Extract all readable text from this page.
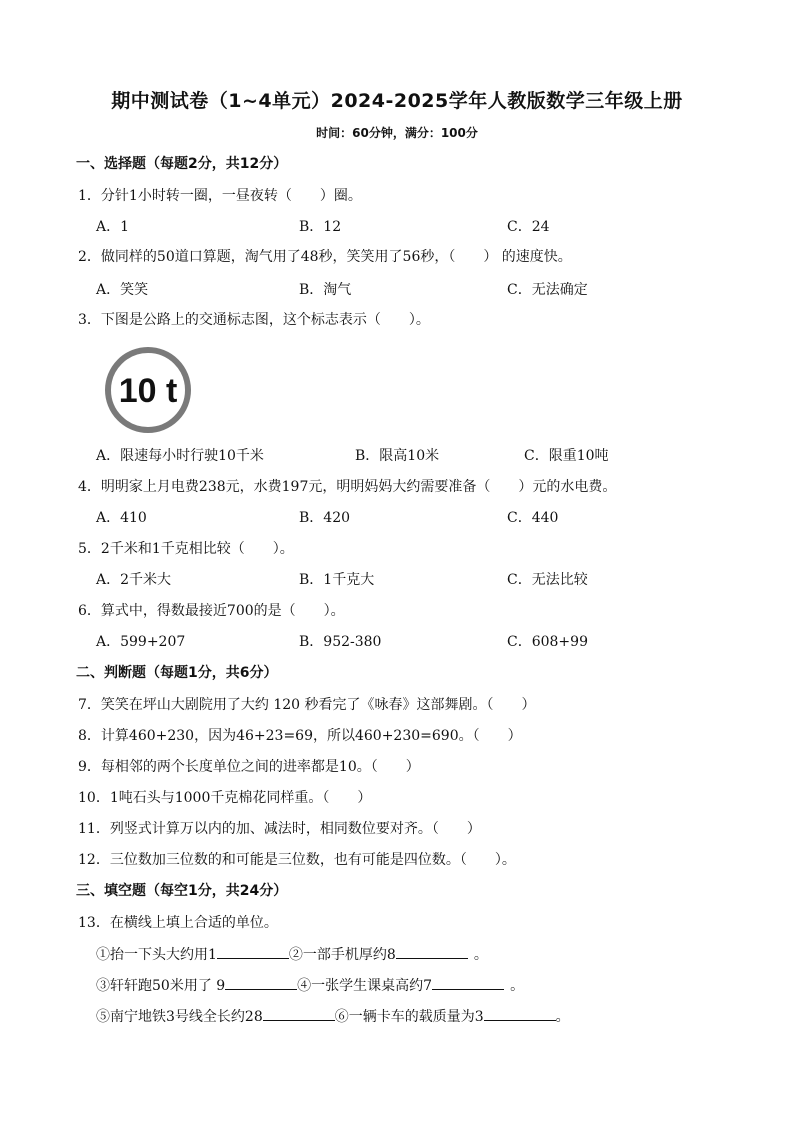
期中测试卷（1~4单元）2024-2025学年人教版数学三年级上册
时间：60分钟，满分：100分
一、选择题（每题2分，共12分）
1．分针1小时转一圈，一昼夜转（　　）圈。
A．1	B．12	C．24
2．做同样的50道口算题，淘气用了48秒，笑笑用了56秒，（　　） 的速度快。
A．笑笑	B．淘气	C．无法确定
3．下图是公路上的交通标志图，这个标志表示（　　）。
10 t
A．限速每小时行驶10千米	B．限高10米	C．限重10吨
4．明明家上月电费238元，水费197元，明明妈妈大约需要准备（　　）元的水电费。
A．410	B．420	C．440
5．2千米和1千克相比较（　　）。
A．2千米大	B．1千克大	C．无法比较
6．算式中，得数最接近700的是（　　）。
A．599+207	B．952-380	C．608+99
二、判断题（每题1分，共6分）
7．笑笑在坪山大剧院用了大约 120 秒看完了《咏春》这部舞剧。（　　）
8．计算460+230，因为46+23=69，所以460+230=690。（　　）
9．每相邻的两个长度单位之间的进率都是10。（　　）
10．1吨石头与1000千克棉花同样重。（　　）
11．列竖式计算万以内的加、减法时，相同数位要对齐。（　　）
12．三位数加三位数的和可能是三位数，也有可能是四位数。（　　）。
三、填空题（每空1分，共24分）
13．在横线上填上合适的单位。
①抬一下头大约用1	②一部手机厚约8	。
③轩轩跑50米用了 9	④一张学生课桌高约7	。
⑤南宁地铁3号线全长约28	⑥一辆卡车的载质量为3	。
